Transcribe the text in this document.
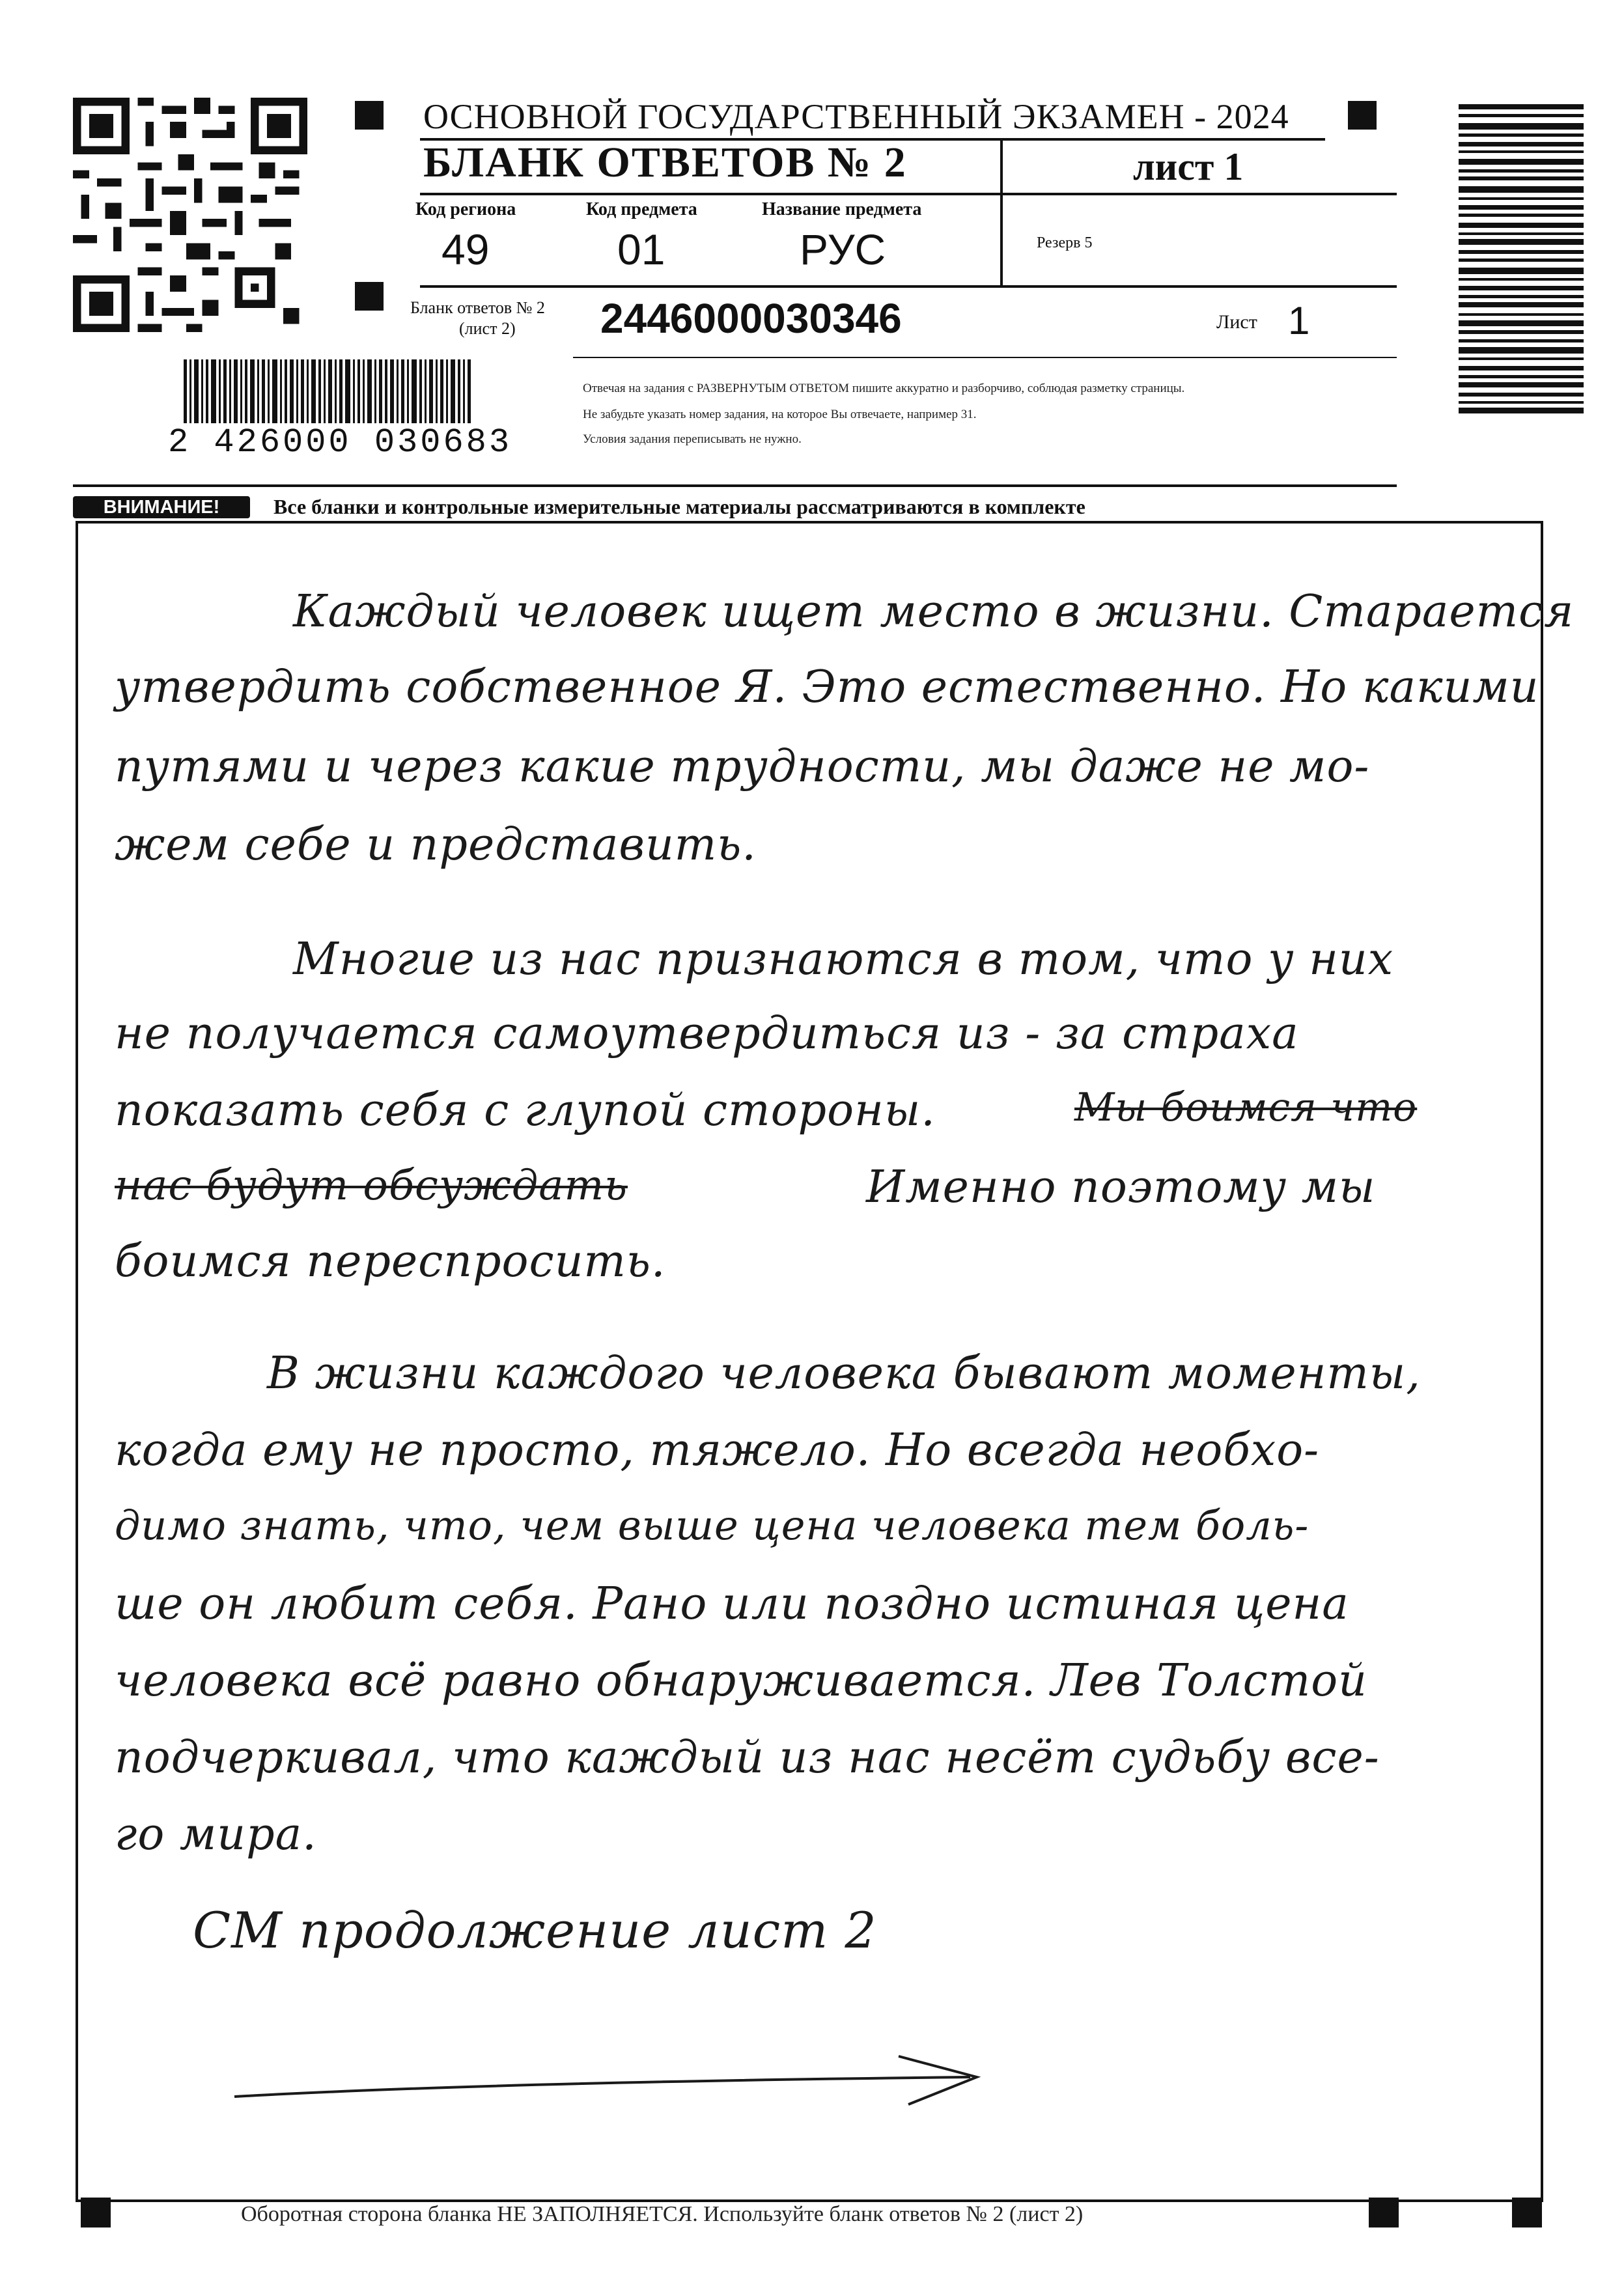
2 426000 030683
ОСНОВНОЙ ГОСУДАРСТВЕННЫЙ ЭКЗАМЕН - 2024
БЛАНК ОТВЕТОВ № 2	лист 1
Код региона
49
Код предмета
01
Название предмета
РУС	Резерв 5
Бланк ответов № 2
(лист 2) 2446000030346	Лист 1
Отвечая на задания с РАЗВЕРНУТЫМ ОТВЕТОМ пишите аккуратно и разборчиво, соблюдая разметку страницы.
Не забудьте указать номер задания, на которое Вы отвечаете, например 31.
Условия задания переписывать не нужно.
ВНИМАНИЕ!	Все бланки и контрольные измерительные материалы рассматриваются в комплекте
Каждый человек ищет место в жизни. Старается
утвердить собственное Я. Это естественно. Но какими
путями и через какие трудности, мы даже не мо-
жем себе и представить.
Многие из нас признаются в том, что у них
не получается самоутвердиться из - за страха
показать себя с глупой стороны.	Мы боимся что
нас будут обсуждать	Именно поэтому мы
боимся переспросить.
В жизни каждого человека бывают моменты,
когда ему не просто, тяжело. Но всегда необхо-
димо знать, что, чем выше цена человека тем боль-
ше он любит себя. Рано или поздно истиная цена
человека всё равно обнаруживается. Лев Толстой
подчеркивал, что каждый из нас несёт судьбу все-
го мира.
СМ продолжение лист 2
Оборотная сторона бланка НЕ ЗАПОЛНЯЕТСЯ. Используйте бланк ответов № 2 (лист 2)
